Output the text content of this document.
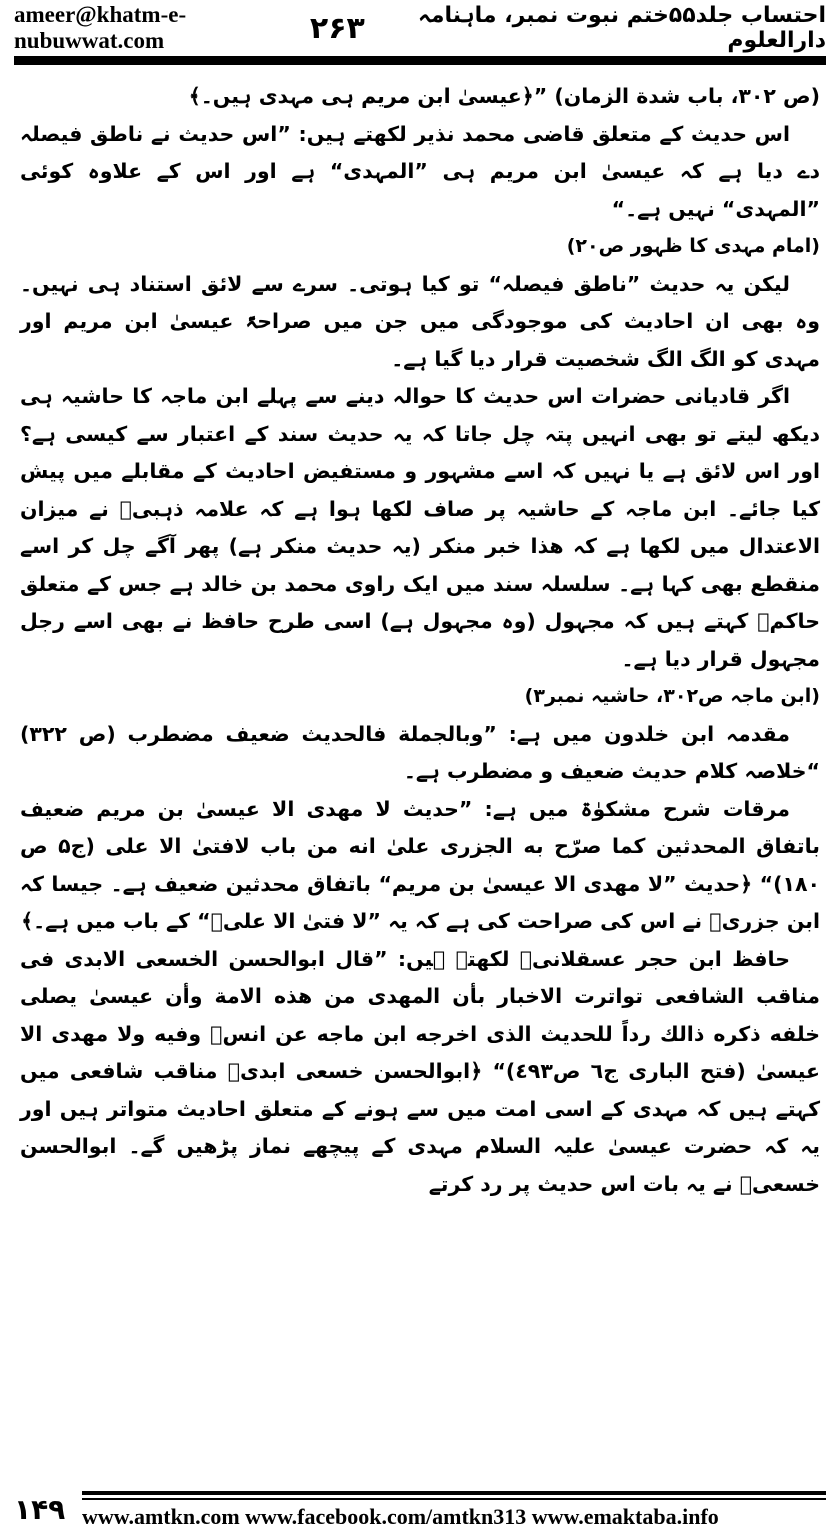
ameer@khatm-e-nubuwwat.com	۲۶۳	احتساب جلد۵۵ختم نبوت نمبر، ماہنامہ دارالعلوم

(ص ۳۰۲، باب شدة الزمان) ”﴿عیسیٰ ابن مریم ہی مہدی ہیں۔﴾

اس حدیث کے متعلق قاضی محمد نذیر لکھتے ہیں: ”اس حدیث نے ناطق فیصلہ دے دیا ہے کہ عیسیٰ ابن مریم ہی ”المہدی“ ہے اور اس کے علاوہ کوئی ”المہدی“ نہیں ہے۔“

(امام مہدی کا ظہور ص۲۰)

لیکن یہ حدیث ”ناطق فیصلہ“ تو کیا ہوتی۔ سرے سے لائق استناد ہی نہیں۔ وہ بھی ان احادیث کی موجودگی میں جن میں صراحۃً عیسیٰ ابن مریم اور مہدی کو الگ الگ شخصیت قرار دیا گیا ہے۔

اگر قادیانی حضرات اس حدیث کا حوالہ دینے سے پہلے ابن ماجہ کا حاشیہ ہی دیکھ لیتے تو بھی انہیں پتہ چل جاتا کہ یہ حدیث سند کے اعتبار سے کیسی ہے؟ اور اس لائق ہے یا نہیں کہ اسے مشہور و مستفیض احادیث کے مقابلے میں پیش کیا جائے۔ ابن ماجہ کے حاشیہ پر صاف لکھا ہوا ہے کہ علامہ ذہبیؒ نے میزان الاعتدال میں لکھا ہے کہ ھذا خبر منکر (یہ حدیث منکر ہے) پھر آگے چل کر اسے منقطع بھی کہا ہے۔ سلسلہ سند میں ایک راوی محمد بن خالد ہے جس کے متعلق حاکمؒ کہتے ہیں کہ مجہول (وہ مجہول ہے) اسی طرح حافظ نے بھی اسے رجل مجہول قرار دیا ہے۔

(ابن ماجہ ص۳۰۲، حاشیہ نمبر۳)

مقدمہ ابن خلدون میں ہے: ”وبالجملة فالحديث ضعيف مضطرب (ص ۳۲۲) “خلاصہ کلام حدیث ضعیف و مضطرب ہے۔

مرقات شرح مشکوٰۃ میں ہے: ”حديث لا مهدى الا عيسىٰ بن مريم ضعيف باتفاق المحدثين كما صرّح به الجزرى علىٰ انه من باب لافتىٰ الا على (ج۵ ص ۱۸۰)“ ﴿حدیث ”لا مهدى الا عيسىٰ بن مريم“ باتفاق محدثین ضعیف ہے۔ جیسا کہ ابن جزریؒ نے اس کی صراحت کی ہے کہ یہ ”لا فتىٰ الا علىؓ“ کے باب میں ہے۔﴾

حافظ ابن حجر عسقلانیؒ لکھتے ہیں: ”قال ابوالحسن الخسعى الابدى فى مناقب الشافعى تواترت الاخبار بأن المهدى من هذه الامة وأن عيسىٰ يصلى خلفه ذكره ذالك رداً للحديث الذى اخرجه ابن ماجه عن انسؓ وفيه ولا مهدى الا عيسىٰ (فتح البارى ج٦ ص٤٩٣)“ ﴿ابوالحسن خسعی ابدیؒ مناقب شافعی میں کہتے ہیں کہ مہدی کے اسی امت میں سے ہونے کے متعلق احادیث متواتر ہیں اور یہ کہ حضرت عیسیٰ علیہ السلام مہدی کے پیچھے نماز پڑھیں گے۔ ابوالحسن خسعیؒ نے یہ بات اس حدیث پر رد کرتے

۱۴۹ www.amtkn.com www.facebook.com/amtkn313 www.emaktaba.info
